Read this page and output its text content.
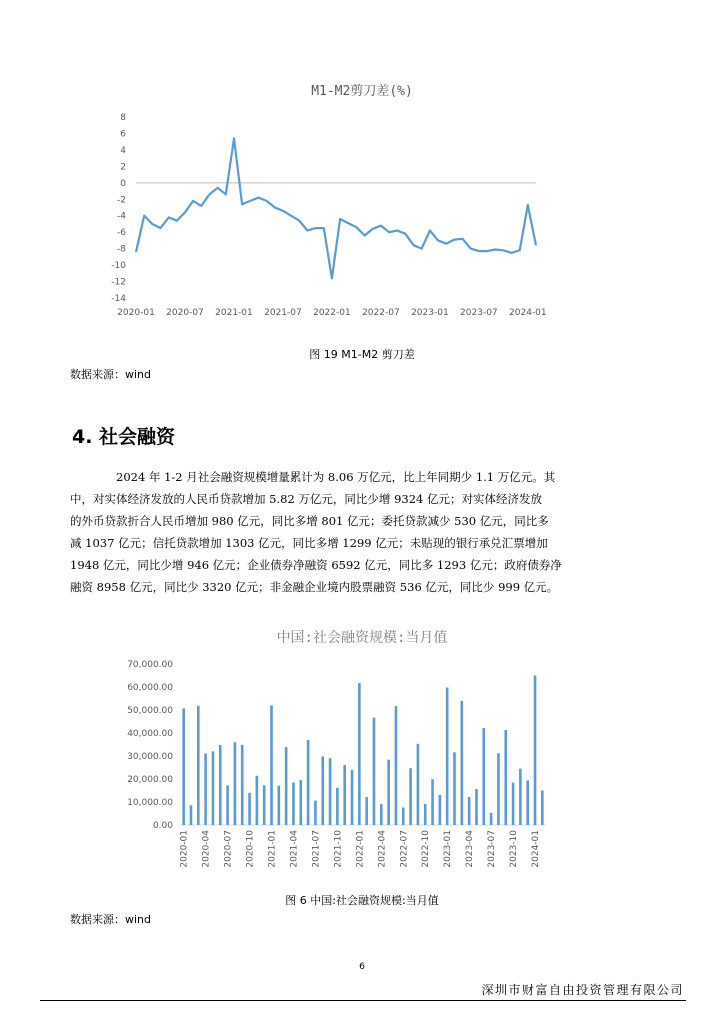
M1-M2剪刀差(%)
8
6
4
2
0
-2
-4
-6
-8
-10
-12
-14
2020-01 2020-07 2021-01 2021-07 2022-01 2022-07 2023-01 2023-07 2024-01
图 19 M1-M2 剪刀差
数据来源：wind
4. 社会融资
2024 年 1-2 月社会融资规模增量累计为 8.06 万亿元，比上年同期少 1.1 万亿元。其
中，对实体经济发放的人民币贷款增加 5.82 万亿元，同比少增 9324 亿元；对实体经济发放
的外币贷款折合人民币增加 980 亿元，同比多增 801 亿元；委托贷款减少 530 亿元，同比多
减 1037 亿元；信托贷款增加 1303 亿元，同比多增 1299 亿元；未贴现的银行承兑汇票增加
1948 亿元，同比少增 946 亿元；企业债券净融资 6592 亿元，同比多 1293 亿元；政府债券净
融资 8958 亿元，同比少 3320 亿元；非金融企业境内股票融资 536 亿元，同比少 999 亿元。
中国:社会融资规模:当月值
70,000.00
60,000.00
50,000.00
40,000.00
30,000.00
20,000.00
10,000.00
0.00
2020-01 2020-04 2020-07 2020-10 2021-01 2021-04 2021-07 2021-10 2022-01 2022-04 2022-07 2022-10 2023-01 2023-04 2023-07 2023-10 2024-01
图 6 中国:社会融资规模:当月值
数据来源：wind
6
深圳市财富自由投资管理有限公司
